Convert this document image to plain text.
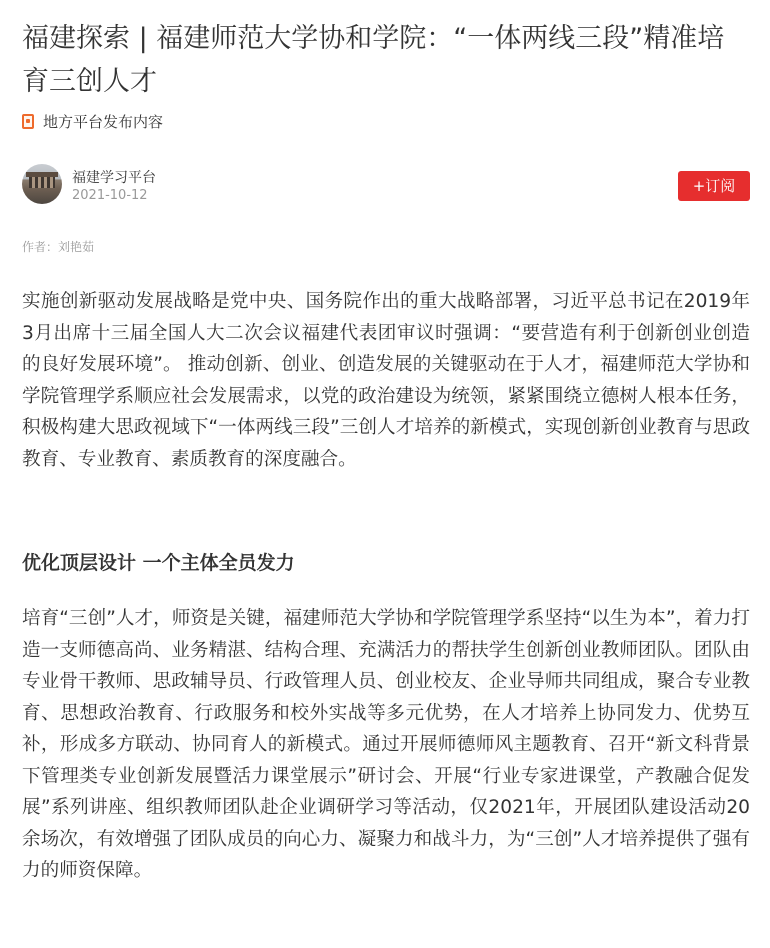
福建探索 | 福建师范大学协和学院：“一体两线三段”精准培育三创人才
地方平台发布内容
福建学习平台
2021-10-12
+订阅
作者：刘艳茹

实施创新驱动发展战略是党中央、国务院作出的重大战略部署，习近平总书记在2019年3月出席十三届全国人大二次会议福建代表团审议时强调：“要营造有利于创新创业创造的良好发展环境”。 推动创新、创业、创造发展的关键驱动在于人才，福建师范大学协和学院管理学系顺应社会发展需求，以党的政治建设为统领，紧紧围绕立德树人根本任务，积极构建大思政视域下“一体两线三段”三创人才培养的新模式，实现创新创业教育与思政教育、专业教育、素质教育的深度融合。

优化顶层设计 一个主体全员发力

培育“三创”人才，师资是关键，福建师范大学协和学院管理学系坚持“以生为本”，着力打造一支师德高尚、业务精湛、结构合理、充满活力的帮扶学生创新创业教师团队。团队由专业骨干教师、思政辅导员、行政管理人员、创业校友、企业导师共同组成，聚合专业教育、思想政治教育、行政服务和校外实战等多元优势，在人才培养上协同发力、优势互补，形成多方联动、协同育人的新模式。通过开展师德师风主题教育、召开“新文科背景下管理类专业创新发展暨活力课堂展示”研讨会、开展“行业专家进课堂，产教融合促发展”系列讲座、组织教师团队赴企业调研学习等活动，仅2021年，开展团队建设活动20余场次，有效增强了团队成员的向心力、凝聚力和战斗力，为“三创”人才培养提供了强有力的师资保障。
